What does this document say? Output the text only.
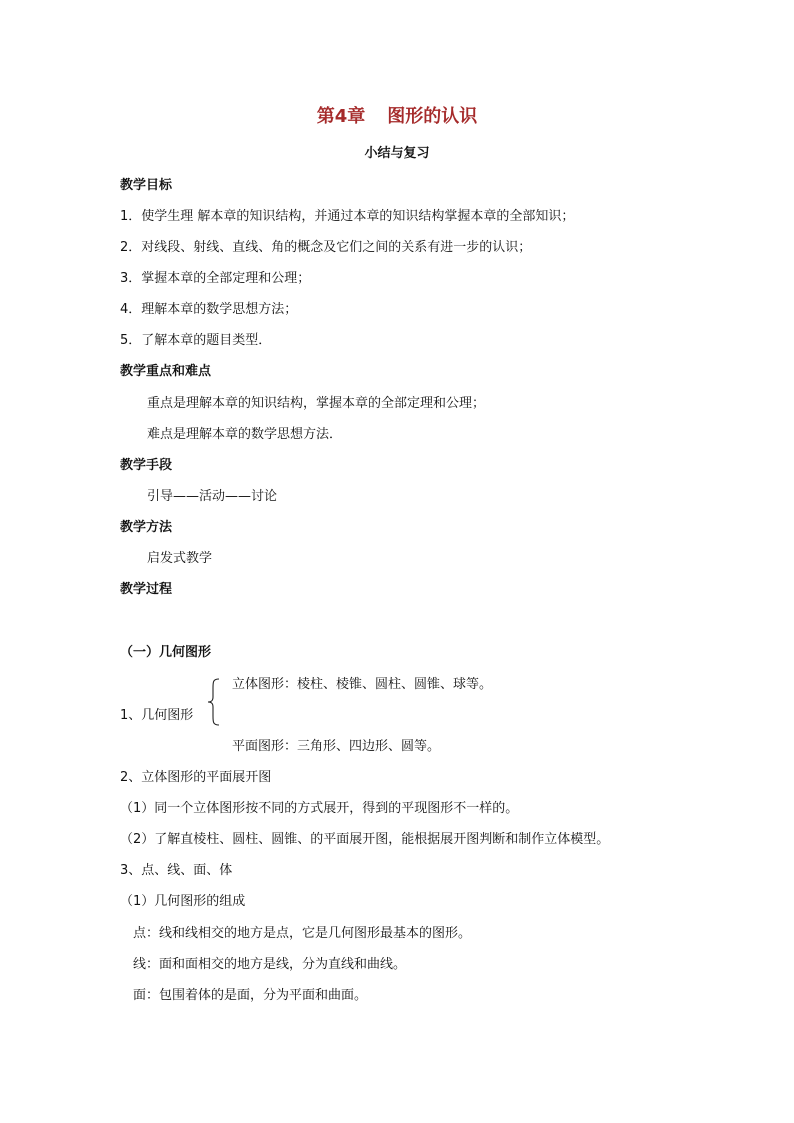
第4章 图形的认识
小结与复习
教学目标
1．使学生理 解本章的知识结构，并通过本章的知识结构掌握本章的全部知识；
2．对线段、射线、直线、角的概念及它们之间的关系有进一步的认识；
3．掌握本章的全部定理和公理；
4．理解本章的数学思想方法；
5．了解本章的题目类型．
教学重点和难点
重点是理解本章的知识结构，掌握本章的全部定理和公理；
难点是理解本章的数学思想方法．
教学手段
引导——活动——讨论
教学方法
启发式教学
教学过程
（一）几何图形
立体图形：棱柱、棱锥、圆柱、圆锥、球等。
1、几何图形
平面图形：三角形、四边形、圆等。
2、立体图形的平面展开图
（1）同一个立体图形按不同的方式展开，得到的平现图形不一样的。
（2）了解直棱柱、圆柱、圆锥、的平面展开图，能根据展开图判断和制作立体模型。
3、点、线、面、体
（1）几何图形的组成
点：线和线相交的地方是点，它是几何图形最基本的图形。
线：面和面相交的地方是线，分为直线和曲线。
面：包围着体的是面，分为平面和曲面。
